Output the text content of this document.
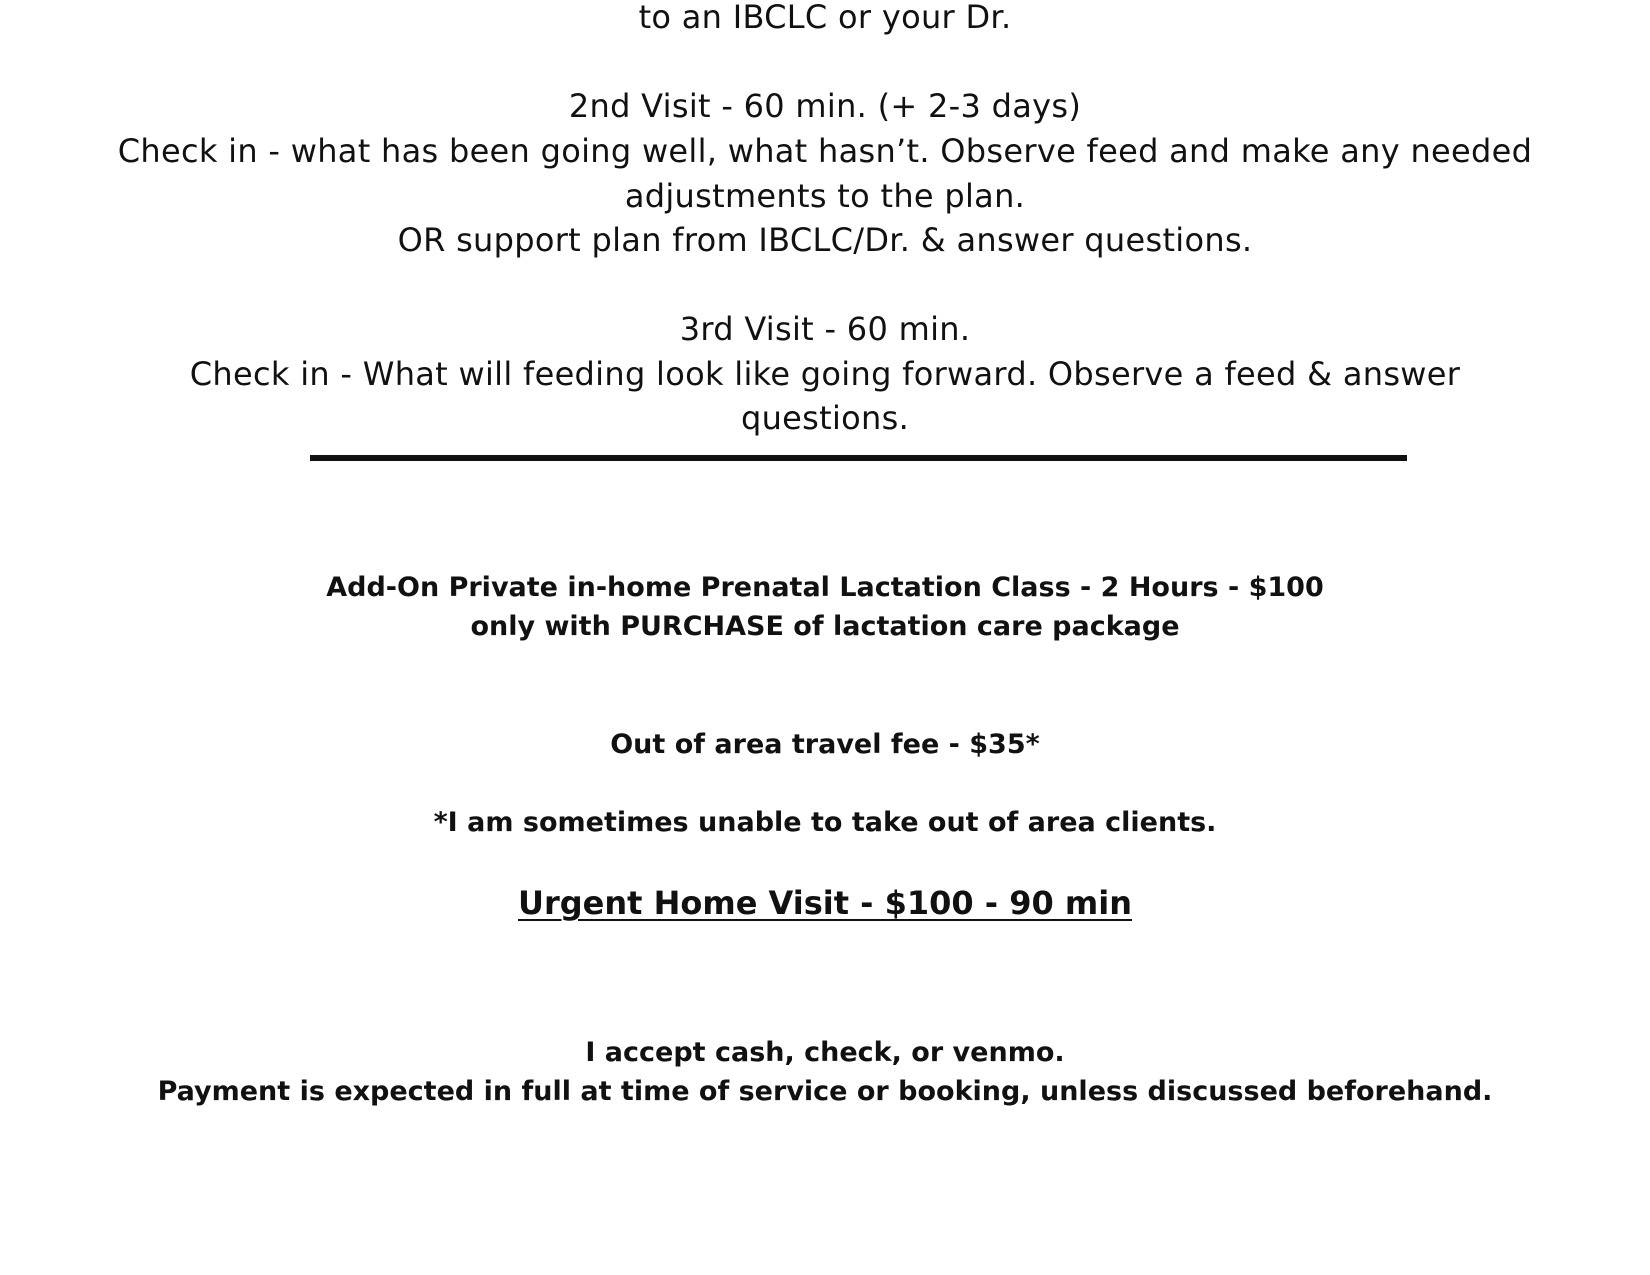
to an IBCLC or your Dr.

2nd Visit - 60 min. (+ 2-3 days)

Check in - what has been going well, what hasn’t. Observe feed and make any needed

adjustments to the plan.

OR support plan from IBCLC/Dr. & answer questions.

3rd Visit - 60 min.

Check in - What will feeding look like going forward. Observe a feed & answer

questions.

Add-On Private in-home Prenatal Lactation Class - 2 Hours - $100

only with PURCHASE of lactation care package

Out of area travel fee - $35*

*I am sometimes unable to take out of area clients.

Urgent Home Visit - $100 - 90 min

I accept cash, check, or venmo.

Payment is expected in full at time of service or booking, unless discussed beforehand.
